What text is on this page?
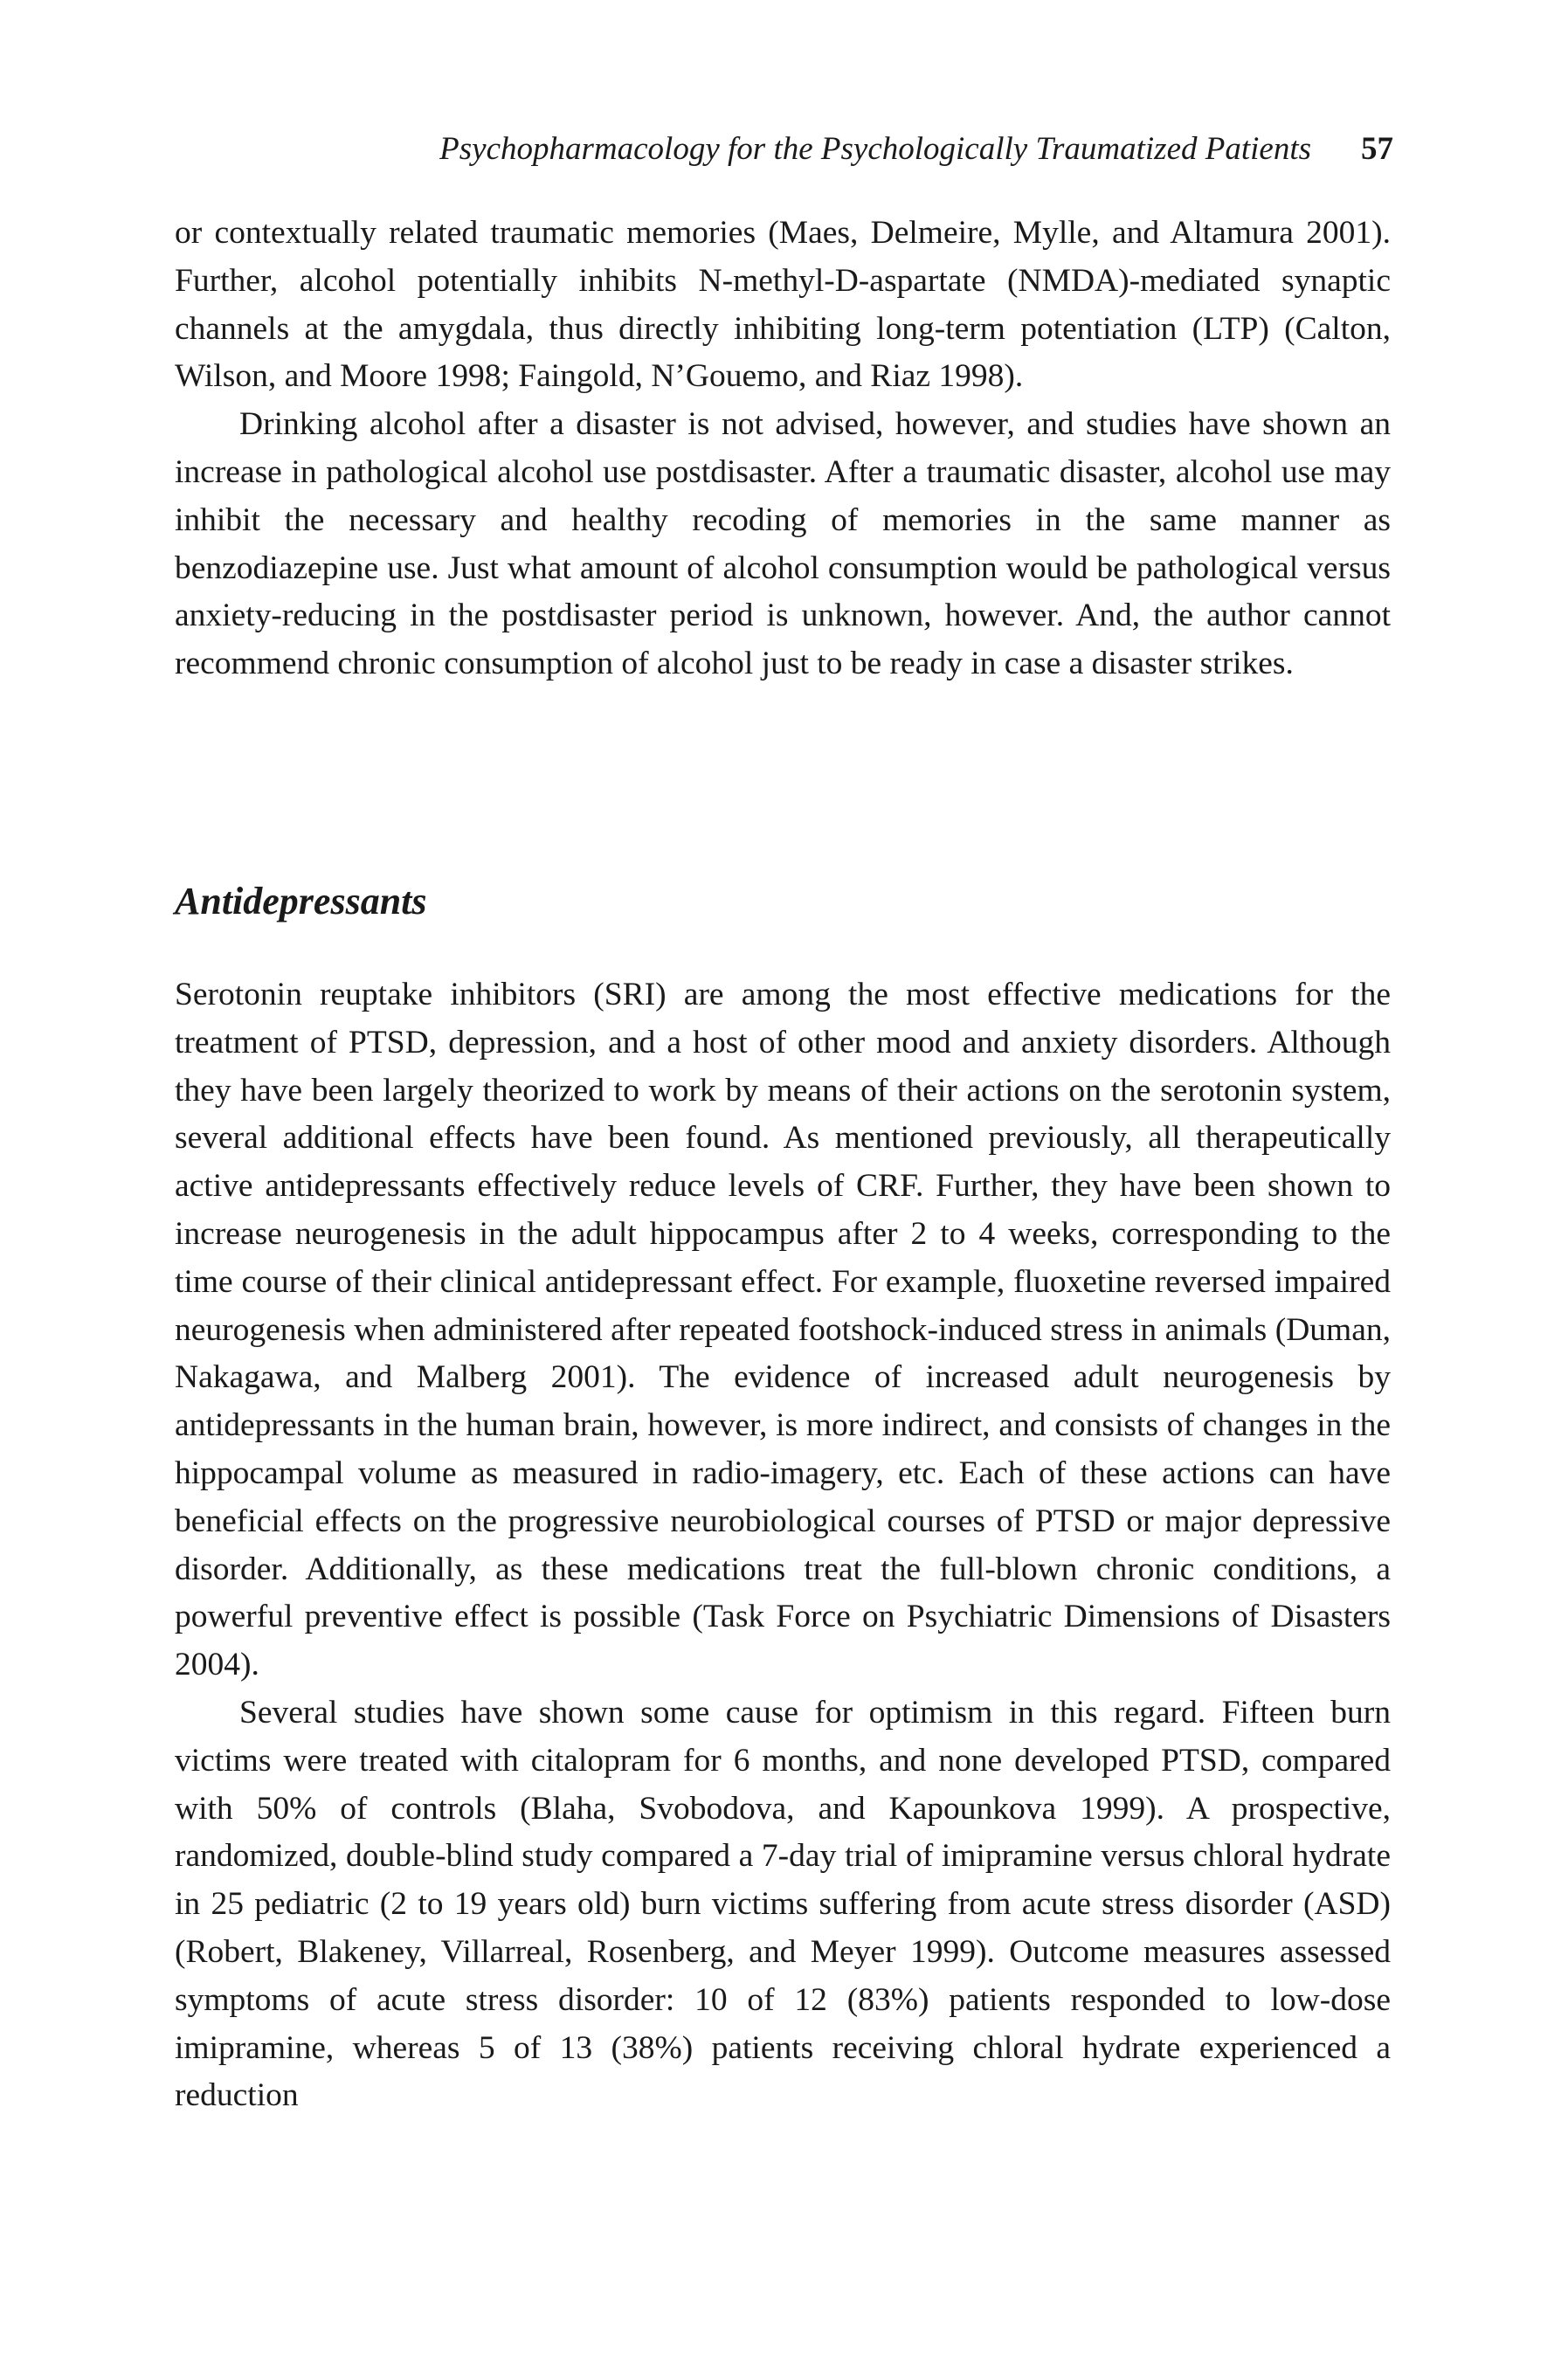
Psychopharmacology for the Psychologically Traumatized Patients 57

or contextually related traumatic memories (Maes, Delmeire, Mylle, and Altamura 2001). Further, alcohol potentially inhibits N-methyl-D-aspartate (NMDA)-mediated synaptic channels at the amygdala, thus directly inhibiting long-term potentiation (LTP) (Calton, Wilson, and Moore 1998; Faingold, N’Gouemo, and Riaz 1998).

Drinking alcohol after a disaster is not advised, however, and studies have shown an increase in pathological alcohol use postdisaster. After a traumatic disaster, alcohol use may inhibit the necessary and healthy recoding of memories in the same manner as benzodiazepine use. Just what amount of alcohol consumption would be pathological versus anxiety-reducing in the postdisaster period is unknown, however. And, the author cannot recommend chronic consumption of alcohol just to be ready in case a disaster strikes.

Antidepressants

Serotonin reuptake inhibitors (SRI) are among the most effective medications for the treatment of PTSD, depression, and a host of other mood and anxiety disorders. Although they have been largely theorized to work by means of their actions on the serotonin system, several additional effects have been found. As mentioned previously, all therapeutically active antidepressants effectively reduce levels of CRF. Further, they have been shown to increase neurogenesis in the adult hippocampus after 2 to 4 weeks, corresponding to the time course of their clinical antidepressant effect. For example, fluoxetine reversed impaired neurogenesis when administered after repeated footshock-induced stress in animals (Duman, Nakagawa, and Malberg 2001). The evidence of increased adult neurogenesis by antidepressants in the human brain, however, is more indirect, and consists of changes in the hippocampal volume as measured in radio-imagery, etc. Each of these actions can have beneficial effects on the progressive neurobiological courses of PTSD or major depressive disorder. Additionally, as these medications treat the full-blown chronic conditions, a powerful preventive effect is possible (Task Force on Psychiatric Dimensions of Disasters 2004).

Several studies have shown some cause for optimism in this regard. Fifteen burn victims were treated with citalopram for 6 months, and none developed PTSD, compared with 50% of controls (Blaha, Svobodova, and Kapounkova 1999). A prospective, randomized, double-blind study compared a 7-day trial of imipramine versus chloral hydrate in 25 pediatric (2 to 19 years old) burn victims suffering from acute stress disorder (ASD) (Robert, Blakeney, Villarreal, Rosenberg, and Meyer 1999). Outcome measures assessed symptoms of acute stress disorder: 10 of 12 (83%) patients responded to low-dose imipramine, whereas 5 of 13 (38%) patients receiving chloral hydrate experienced a reduction
